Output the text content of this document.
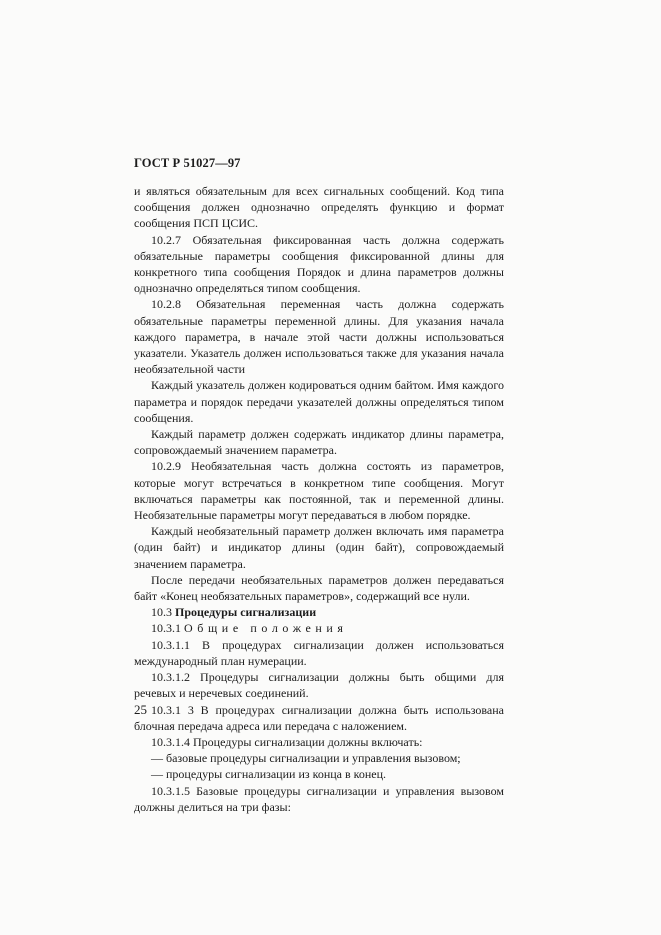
ГОСТ Р 51027—97

и являться обязательным для всех сигнальных сообщений. Код типа сообщения должен однозначно определять функцию и формат сообщения ПСП ЦСИС.

10.2.7 Обязательная фиксированная часть должна содержать обязательные параметры сообщения фиксированной длины для конкретного типа сообщения Порядок и длина параметров должны однозначно определяться типом сообщения.

10.2.8 Обязательная переменная часть должна содержать обязательные параметры переменной длины. Для указания начала каждого параметра, в начале этой части должны использоваться указатели. Указатель должен использоваться также для указания начала необязательной части

Каждый указатель должен кодироваться одним байтом. Имя каждого параметра и порядок передачи указателей должны определяться типом сообщения.

Каждый параметр должен содержать индикатор длины параметра, сопровождаемый значением параметра.

10.2.9 Необязательная часть должна состоять из параметров, которые могут встречаться в конкретном типе сообщения. Могут включаться параметры как постоянной, так и переменной длины. Необязательные параметры могут передаваться в любом порядке.

Каждый необязательный параметр должен включать имя параметра (один байт) и индикатор длины (один байт), сопровождаемый значением параметра.

После передачи необязательных параметров должен передаваться байт «Конец необязательных параметров», содержащий все нули.

10.3 Процедуры сигнализации

10.3.1 Общие положения

10.3.1.1 В процедурах сигнализации должен использоваться международный план нумерации.

10.3.1.2 Процедуры сигнализации должны быть общими для речевых и неречевых соединений.

10.3.1 3 В процедурах сигнализации должна быть использована блочная передача адреса или передача с наложением.

10.3.1.4 Процедуры сигнализации должны включать:

— базовые процедуры сигнализации и управления вызовом;

— процедуры сигнализации из конца в конец.

10.3.1.5 Базовые процедуры сигнализации и управления вызовом должны делиться на три фазы:

25
